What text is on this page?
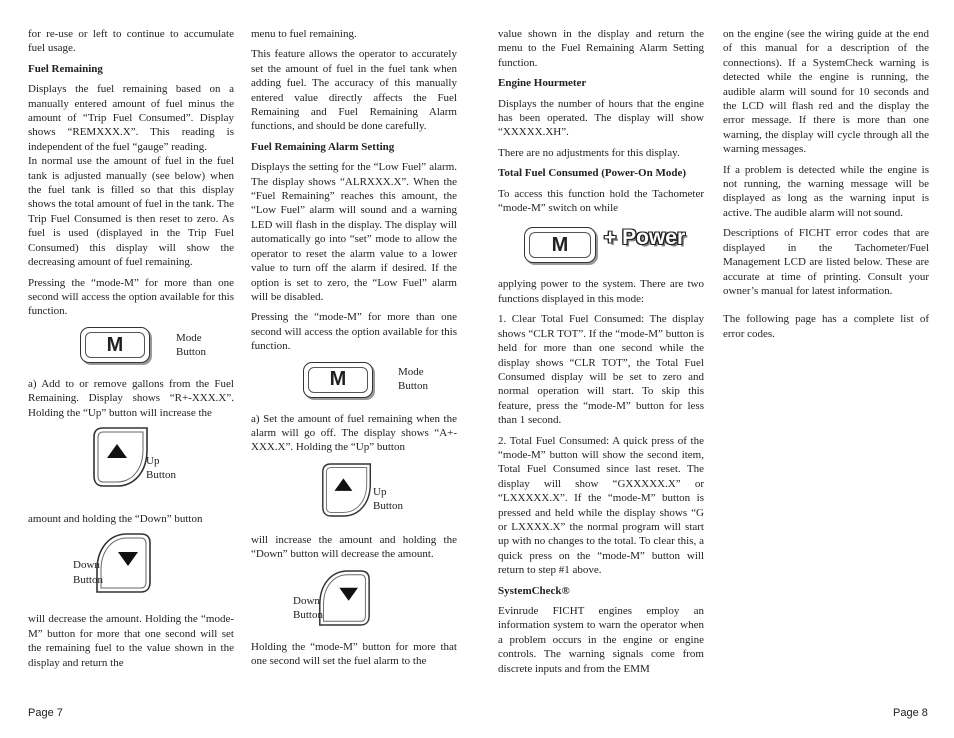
for re-use or left to continue to accumulate fuel usage.

Fuel Remaining

Displays the fuel remaining based on a manually entered amount of fuel minus the amount of “Trip Fuel Consumed”. Display shows “REMXXX.X”. This reading is independent of the fuel “gauge” reading.

In normal use the amount of fuel in the fuel tank is adjusted manually (see below) when the fuel tank is filled so that this display shows the total amount of fuel in the tank. The Trip Fuel Consumed is then reset to zero. As fuel is used (displayed in the Trip Fuel Consumed) this display will show the decreasing amount of fuel remaining.

Pressing the “mode-M” for more than one second will access the option available for this function.

M	Mode
Button

a) Add to or remove gallons from the Fuel Remaining. Display shows “R+-XXX.X”. Holding the “Up” button will increase the

Up
Button

amount and holding the “Down” button

Down
Button

will decrease the amount. Holding the “mode-M” button for more that one second will set the remaining fuel to the value shown in the display and return the

menu to fuel remaining.

This feature allows the operator to accurately set the amount of fuel in the fuel tank when adding fuel. The accuracy of this manually entered value directly affects the Fuel Remaining and Fuel Remaining Alarm functions, and should be done carefully.

Fuel Remaining Alarm Setting

Displays the setting for the “Low Fuel” alarm. The display shows “ALRXXX.X”. When the “Fuel Remaining” reaches this amount, the “Low Fuel” alarm will sound and a warning LED will flash in the display. The display will automatically go into “set” mode to allow the operator to reset the alarm value to a lower value to turn off the alarm if desired. If the option is set to zero, the “Low Fuel” alarm will be disabled.

Pressing the “mode-M” for more than one second will access the option available for this function.

M	Mode
Button

a) Set the amount of fuel remaining when the alarm will go off. The display shows “A+-XXX.X”. Holding the “Up” button

Up
Button

will increase the amount and holding the “Down” button will decrease the amount.

Down
Button

Holding the “mode-M” button for more that one second will set the fuel alarm to the

value shown in the display and return the menu to the Fuel Remaining Alarm Setting function.

Engine Hourmeter

Displays the number of hours that the engine has been operated. The display will show “XXXXX.XH”.

There are no adjustments for this display.

Total Fuel Consumed (Power-On Mode)

To access this function hold the Tachometer “mode-M” switch on while

M	+ Power

applying power to the system. There are two functions displayed in this mode:

1. Clear Total Fuel Consumed: The display shows “CLR TOT”. If the “mode-M” button is held for more than one second while the display shows “CLR TOT”, the Total Fuel Consumed display will be set to zero and normal operation will start. To skip this feature, press the “mode-M” button for less than 1 second.

2. Total Fuel Consumed: A quick press of the “mode-M” button will show the second item, Total Fuel Consumed since last reset. The display will show “GXXXXX.X” or “LXXXXX.X”. If the “mode-M” button is pressed and held while the display shows “G or LXXXX.X” the normal program will start up with no changes to the total. To clear this, a quick press on the “mode-M” button will return to step #1 above.

SystemCheck®

Evinrude FICHT engines employ an information system to warn the operator when a problem occurs in the engine or engine controls. The warning signals come from discrete inputs and from the EMM

on the engine (see the wiring guide at the end of this manual for a description of the connections). If a SystemCheck warning is detected while the engine is running, the audible alarm will sound for 10 seconds and the LCD will flash red and the display the error message. If there is more than one warning, the display will cycle through all the warning messages.

If a problem is detected while the engine is not running, the warning message will be displayed as long as the warning input is active. The audible alarm will not sound.

Descriptions of FICHT error codes that are displayed in the Tachometer/Fuel Management LCD are listed below. These are accurate at time of printing. Consult your owner’s manual for latest information.

The following page has a complete list of error codes.

Page 7	Page 8
